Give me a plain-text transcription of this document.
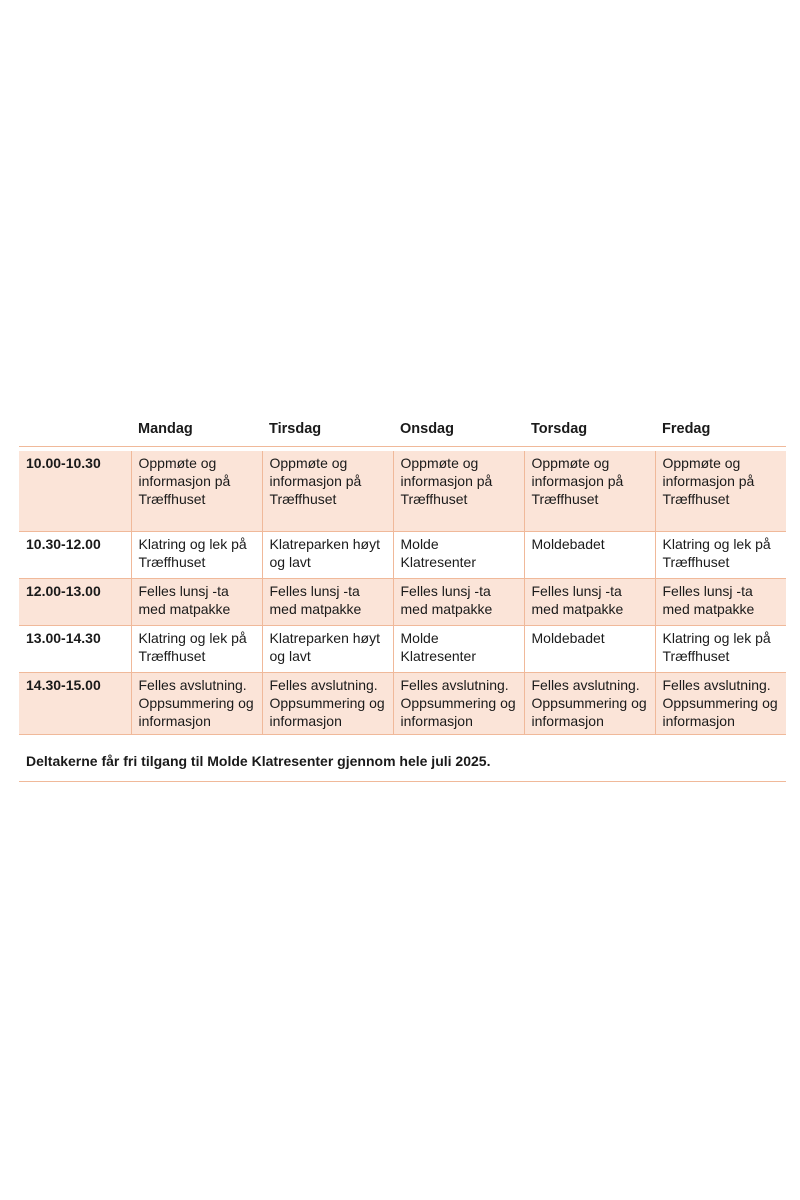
	Mandag	Tirsdag	Onsdag	Torsdag	Fredag

10.00-10.30	Oppmøte og informasjon på Træffhuset	Oppmøte og informasjon på Træffhuset	Oppmøte og informasjon på Træffhuset	Oppmøte og informasjon på Træffhuset	Oppmøte og informasjon på Træffhuset
10.30-12.00	Klatring og lek på Træffhuset	Klatreparken høyt og lavt	Molde Klatresenter	Moldebadet	Klatring og lek på Træffhuset
12.00-13.00	Felles lunsj -ta med matpakke	Felles lunsj -ta med matpakke	Felles lunsj -ta med matpakke	Felles lunsj -ta med matpakke	Felles lunsj -ta med matpakke
13.00-14.30	Klatring og lek på Træffhuset	Klatreparken høyt og lavt	Molde Klatresenter	Moldebadet	Klatring og lek på Træffhuset
14.30-15.00	Felles avslutning. Oppsummering og informasjon	Felles avslutning. Oppsummering og informasjon	Felles avslutning. Oppsummering og informasjon	Felles avslutning. Oppsummering og informasjon	Felles avslutning. Oppsummering og informasjon
Deltakerne får fri tilgang til Molde Klatresenter gjennom hele juli 2025.
